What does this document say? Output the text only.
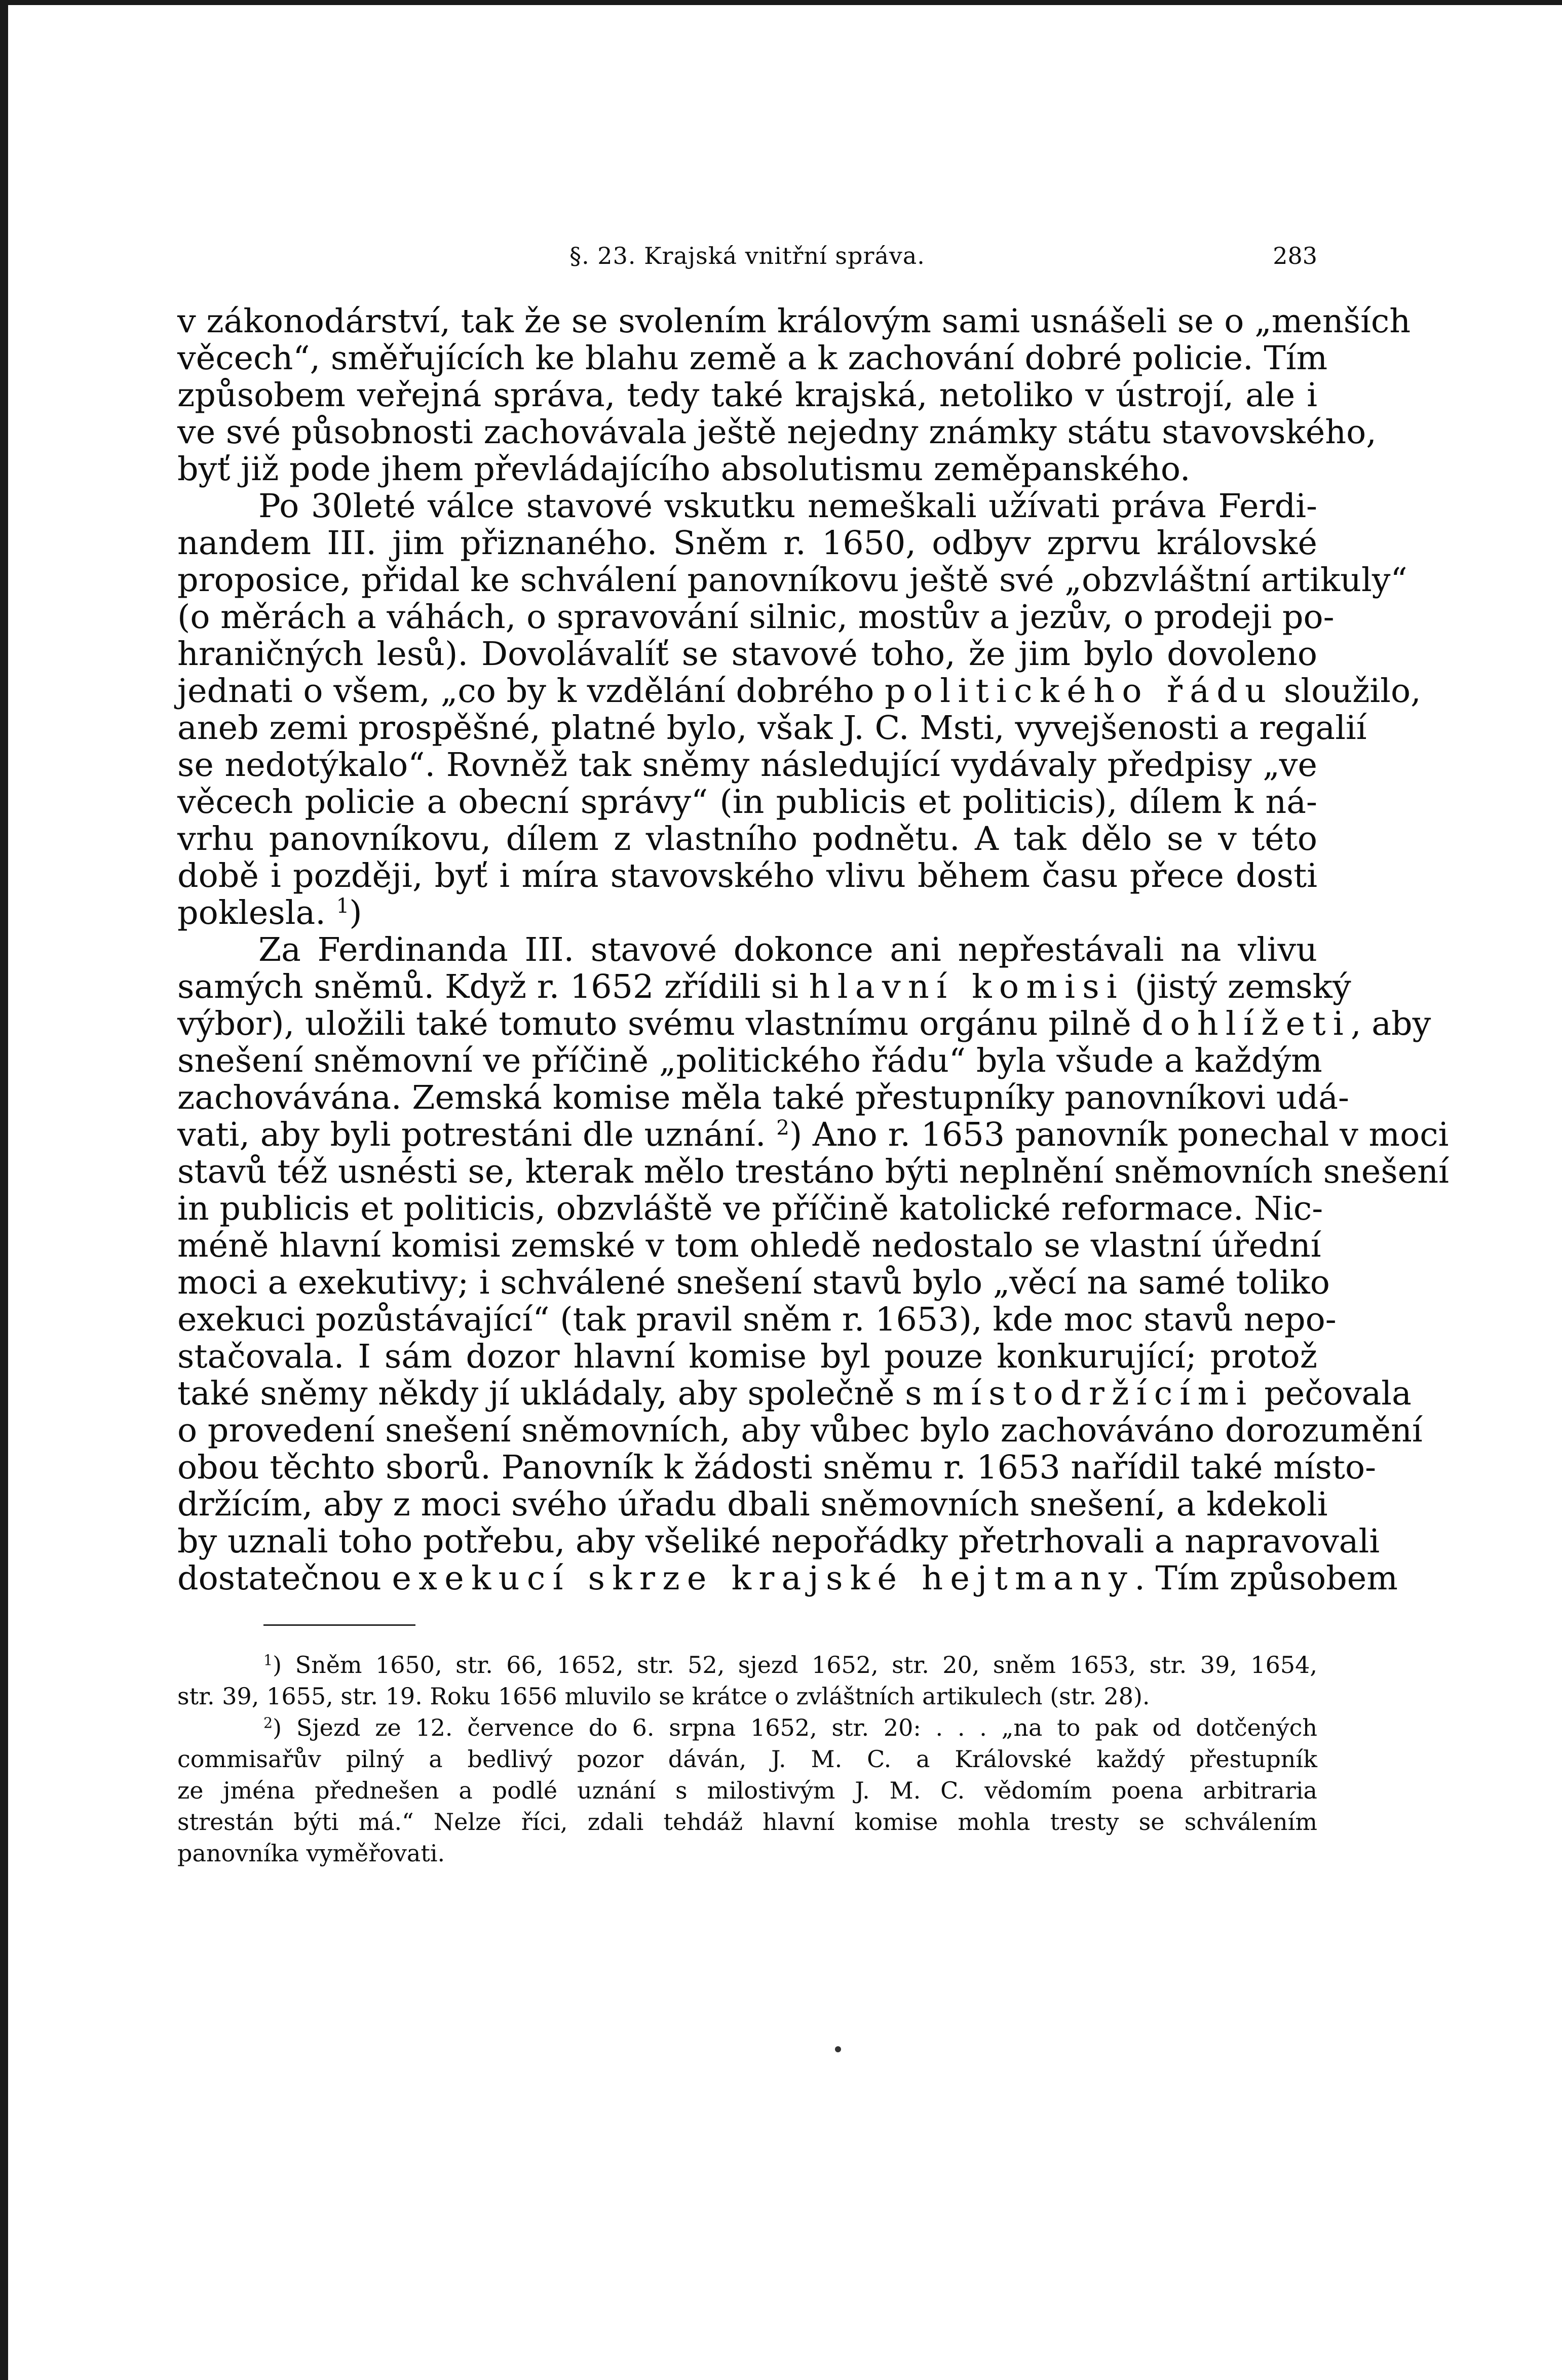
§. 23. Krajská vnitřní správa.	283
v zákonodárství, tak že se svolením královým sami usnášeli se o „menších
věcech“, směřujících ke blahu země a k zachování dobré policie. Tím
způsobem veřejná správa, tedy také krajská, netoliko v ústrojí, ale i
ve své působnosti zachovávala ještě nejedny známky státu stavovského,
byť již pode jhem převládajícího absolutismu zeměpanského.
Po 30leté válce stavové vskutku nemeškali užívati práva Ferdi-
nandem III. jim přiznaného. Sněm r. 1650, odbyv zprvu královské
proposice, přidal ke schválení panovníkovu ještě své „obzvláštní artikuly“
(o měrách a váhách, o spravování silnic, mostův a jezův, o prodeji po-
hraničných lesů). Dovolávalíť se stavové toho, že jim bylo dovoleno
jednati o všem, „co by k vzdělání dobrého politického řádu sloužilo,
aneb zemi prospěšné, platné bylo, však J. C. Msti, vyvejšenosti a regalií
se nedotýkalo“. Rovněž tak sněmy následující vydávaly předpisy „ve
věcech policie a obecní správy“ (in publicis et politicis), dílem k ná-
vrhu panovníkovu, dílem z vlastního podnětu. A tak dělo se v této
době i později, byť i míra stavovského vlivu během času přece dosti
poklesla. $^1$)
Za Ferdinanda III. stavové dokonce ani nepřestávali na vlivu
samých sněmů. Když r. 1652 zřídili si hlavní komisi (jistý zemský
výbor), uložili také tomuto svému vlastnímu orgánu pilně dohlížeti, aby
snešení sněmovní ve příčině „politického řádu“ byla všude a každým
zachovávána. Zemská komise měla také přestupníky panovníkovi udá-
vati, aby byli potrestáni dle uznání. $^2$) Ano r. 1653 panovník ponechal v moci
stavů též usnésti se, kterak mělo trestáno býti neplnění sněmovních snešení
in publicis et politicis, obzvláště ve příčině katolické reformace. Nic-
méně hlavní komisi zemské v tom ohledě nedostalo se vlastní úřední
moci a exekutivy; i schválené snešení stavů bylo „věcí na samé toliko
exekuci pozůstávající“ (tak pravil sněm r. 1653), kde moc stavů nepo-
stačovala. I sám dozor hlavní komise byl pouze konkurující; protož
také sněmy někdy jí ukládaly, aby společně s místodržícími pečovala
o provedení snešení sněmovních, aby vůbec bylo zachováváno dorozumění
obou těchto sborů. Panovník k žádosti sněmu r. 1653 nařídil také místo-
držícím, aby z moci svého úřadu dbali sněmovních snešení, a kdekoli
by uznali toho potřebu, aby všeliké nepořádky přetrhovali a napravovali
dostatečnou exekucí skrze krajské hejtmany. Tím způsobem
$^1$) Sněm 1650, str. 66, 1652, str. 52, sjezd 1652, str. 20, sněm 1653, str. 39, 1654,
str. 39, 1655, str. 19. Roku 1656 mluvilo se krátce o zvláštních artikulech (str. 28).
$^2$) Sjezd ze 12. července do 6. srpna 1652, str. 20: . . . „na to pak od dotčených
commisařův pilný a bedlivý pozor dáván, J. M. C. a Královské každý přestupník
ze jména přednešen a podlé uznání s milostivým J. M. C. vědomím poena arbitraria
strestán býti má.“ Nelze říci, zdali tehdáž hlavní komise mohla tresty se schválením
panovníka vyměřovati.
